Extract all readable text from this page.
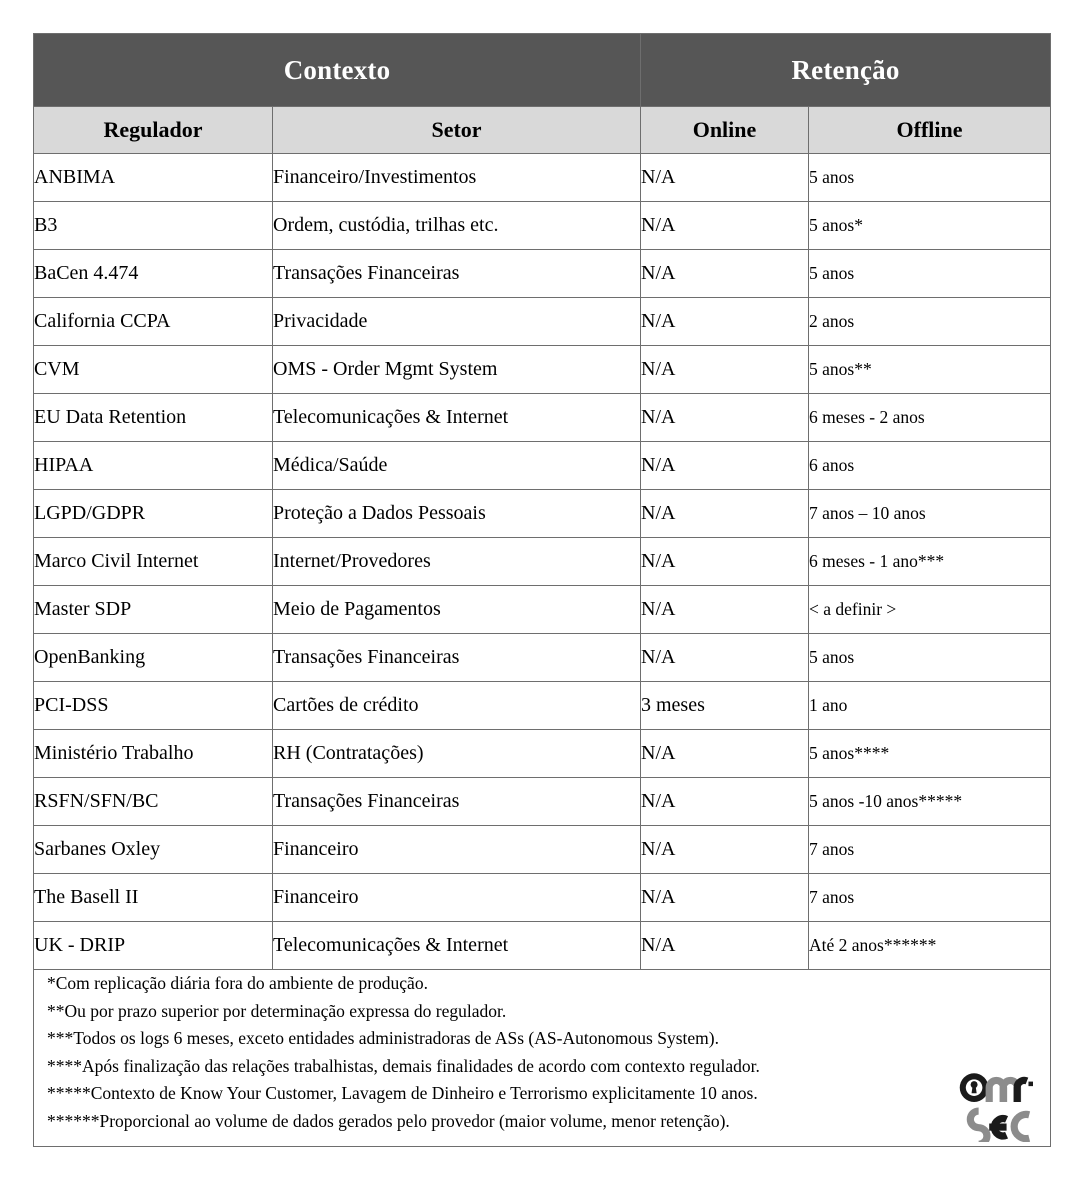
Contexto		Retenção	
Regulador	Setor	Online	Offline
ANBIMA	Financeiro/Investimentos	N/A	5 anos
B3	Ordem, custódia, trilhas etc.	N/A	5 anos*
BaCen 4.474	Transações Financeiras	N/A	5 anos
California CCPA	Privacidade	N/A	2 anos
CVM	OMS - Order Mgmt System	N/A	5 anos**
EU Data Retention	Telecomunicações & Internet	N/A	6 meses - 2 anos
HIPAA	Médica/Saúde	N/A	6 anos
LGPD/GDPR	Proteção a Dados Pessoais	N/A	7 anos – 10 anos
Marco Civil Internet	Internet/Provedores	N/A	6 meses - 1 ano***
Master SDP	Meio de Pagamentos	N/A	< a definir >
OpenBanking	Transações Financeiras	N/A	5 anos
PCI-DSS	Cartões de crédito	3 meses	1 ano
Ministério Trabalho	RH (Contratações)	N/A	5 anos****
RSFN/SFN/BC	Transações Financeiras	N/A	5 anos -10 anos*****
Sarbanes Oxley	Financeiro	N/A	7 anos
The Basell II	Financeiro	N/A	7 anos
UK - DRIP	Telecomunicações & Internet	N/A	Até 2 anos******

*Com replicação diária fora do ambiente de produção.
**Ou por prazo superior por determinação expressa do regulador.
***Todos os logs 6 meses, exceto entidades administradoras de ASs (AS-Autonomous System).
****Após finalização das relações trabalhistas, demais finalidades de acordo com contexto regulador.
*****Contexto de Know Your Customer, Lavagem de Dinheiro e Terrorismo explicitamente 10 anos.
******Proporcional ao volume de dados gerados pelo provedor (maior volume, menor retenção).
